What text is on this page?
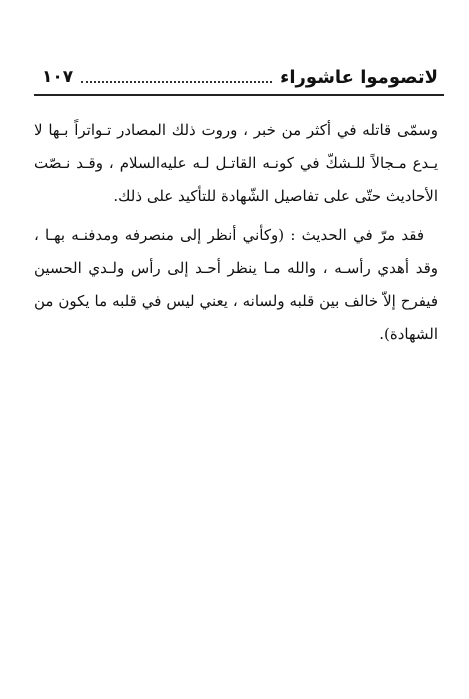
لاتصوموا عاشوراء
١٠٧
وسمّى قاتله في أكثر من خبر ، وروت ذلك المصادر تـواتراً بـها لا
يـدع مـجالاً للـشكّ في كونـه القاتـل لـه عليه‌السلام ، وقـد نـصّت
الأحاديث حتّى على تفاصيل الشّهادة للتأكيد على ذلك.
فقد مرّ في الحديث : (وكأني أنظر إلى منصرفه ومدفنـه بهـا ،
وقد أهدي رأسـه ، والله مـا ينظر أحـد إلى رأس ولـدي الحسين
فيفرح إلاّ خالف بين قلبه ولسانه ، يعني ليس في قلبه ما يكون من
الشهادة).
